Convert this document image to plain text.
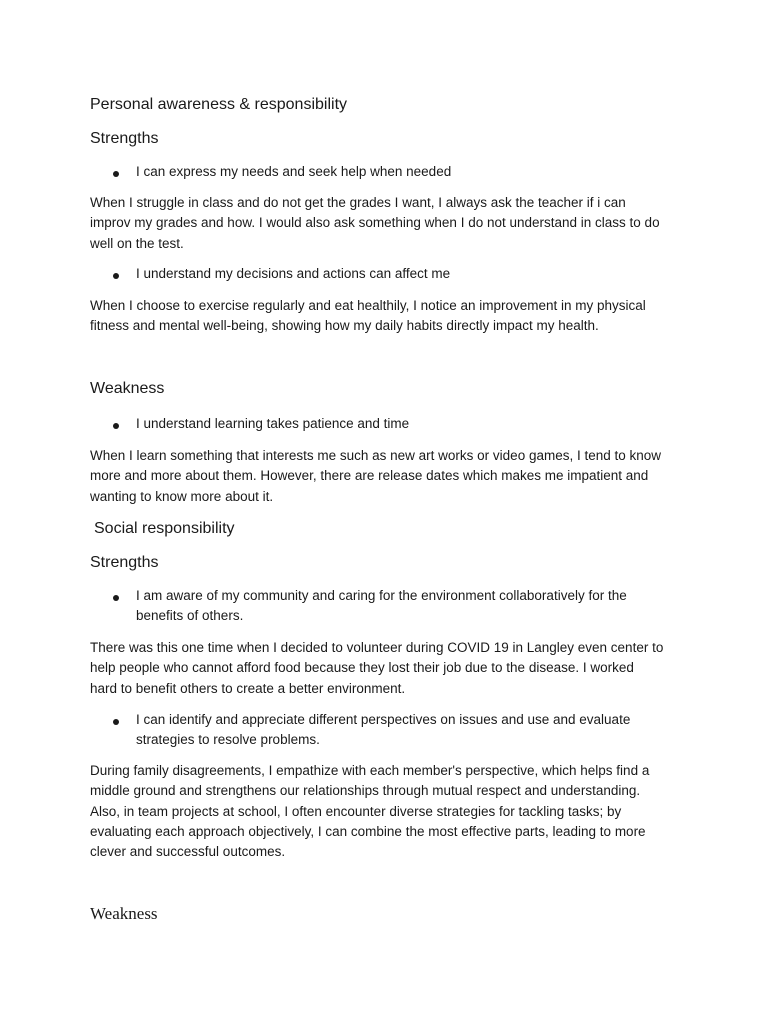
Personal awareness & responsibility
Strengths
I can express my needs and seek help when needed

When I struggle in class and do not get the grades I want, I always ask the teacher if i can
improv my grades and how. I would also ask something when I do not understand in class to do
well on the test.

I understand my decisions and actions can affect me

When I choose to exercise regularly and eat healthily, I notice an improvement in my physical
fitness and mental well-being, showing how my daily habits directly impact my health.

Weakness
I understand learning takes patience and time

When I learn something that interests me such as new art works or video games, I tend to know
more and more about them. However, there are release dates which makes me impatient and
wanting to know more about it.

Social responsibility
Strengths
I am aware of my community and caring for the environment collaboratively for the
benefits of others.

There was this one time when I decided to volunteer during COVID 19 in Langley even center to
help people who cannot afford food because they lost their job due to the disease. I worked
hard to benefit others to create a better environment.

I can identify and appreciate different perspectives on issues and use and evaluate
strategies to resolve problems.

During family disagreements, I empathize with each member's perspective, which helps find a
middle ground and strengthens our relationships through mutual respect and understanding.
Also, in team projects at school, I often encounter diverse strategies for tackling tasks; by
evaluating each approach objectively, I can combine the most effective parts, leading to more
clever and successful outcomes.

Weakness
